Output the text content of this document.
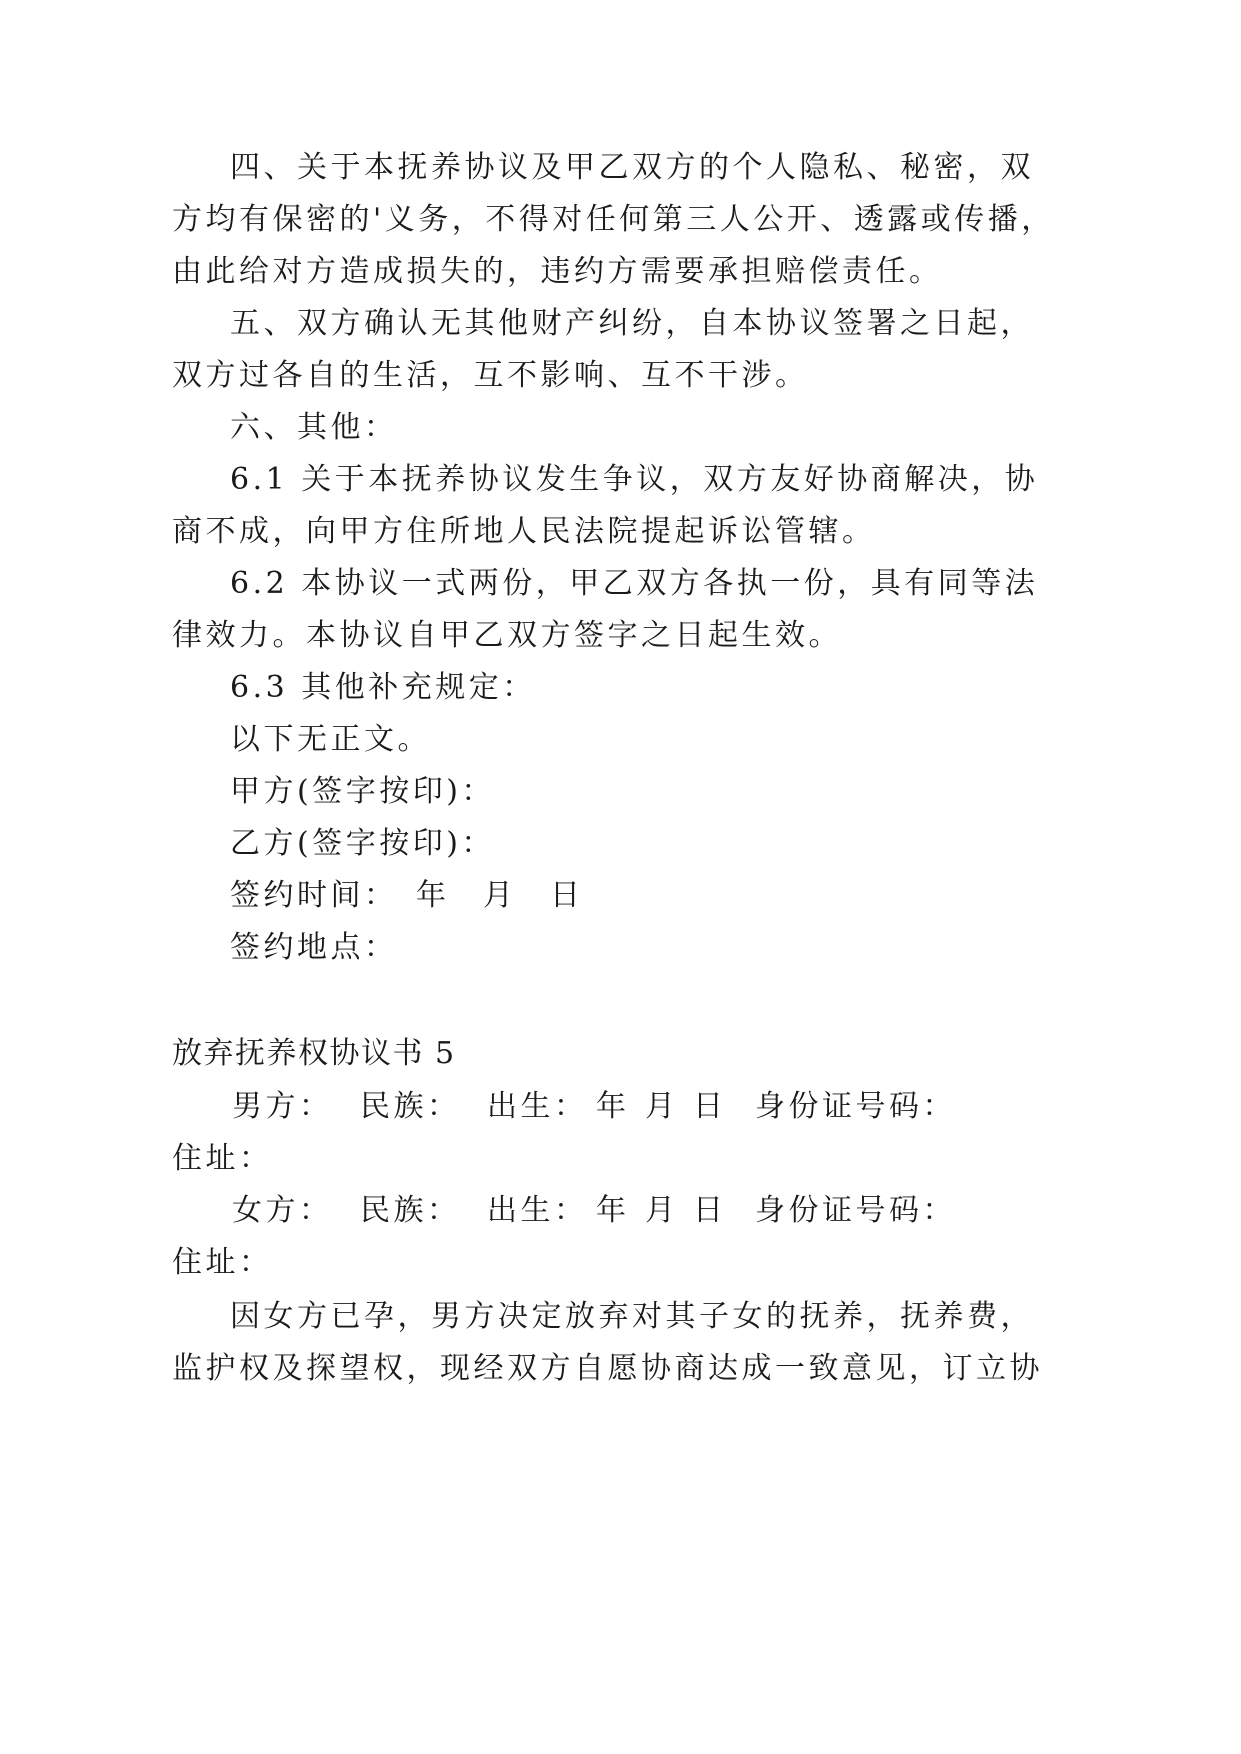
四、关于本抚养协议及甲乙双方的个人隐私、秘密，双
方均有保密的'义务，不得对任何第三人公开、透露或传播，
由此给对方造成损失的，违约方需要承担赔偿责任。
五、双方确认无其他财产纠纷，自本协议签署之日起，
双方过各自的生活，互不影响、互不干涉。
六、其他：
6.1 关于本抚养协议发生争议，双方友好协商解决，协
商不成，向甲方住所地人民法院提起诉讼管辖。
6.2 本协议一式两份，甲乙双方各执一份，具有同等法
律效力。本协议自甲乙双方签字之日起生效。
6.3 其他补充规定：
以下无正文。
甲方(签字按印)：
乙方(签字按印)：
签约时间：　年　月　日
签约地点：
放弃抚养权协议书 5
男方： 民族： 出生： 年 月 日 身份证号码：
住址：
女方： 民族： 出生： 年 月 日 身份证号码：
住址：
因女方已孕，男方决定放弃对其子女的抚养，抚养费，
监护权及探望权，现经双方自愿协商达成一致意见，订立协
